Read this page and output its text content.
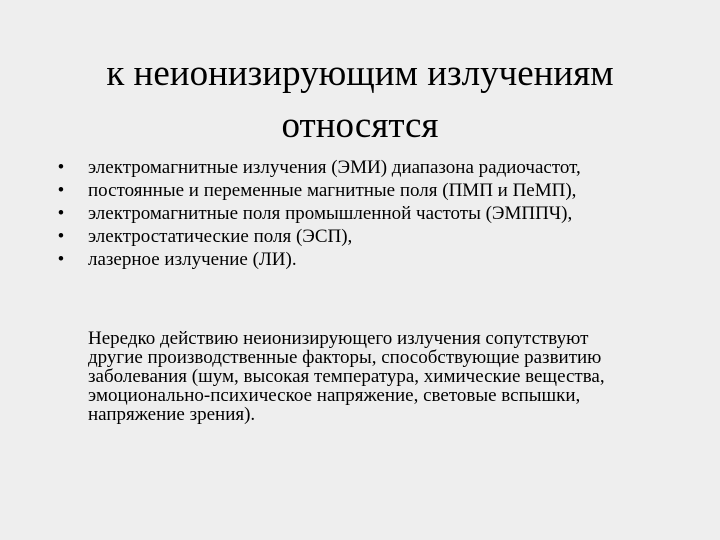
к неионизирующим излучениям
относятся
• электромагнитные излучения (ЭМИ) диапазона радиочастот,
• постоянные и переменные магнитные поля (ПМП и ПеМП),
• электромагнитные поля промышленной частоты (ЭМППЧ),
• электростатические поля (ЭСП),
• лазерное излучение (ЛИ).
Нередко действию неионизирующего излучения сопутствуют
другие производственные факторы, способствующие развитию
заболевания (шум, высокая температура, химические вещества,
эмоционально-психическое напряжение, световые вспышки,
напряжение зрения).
